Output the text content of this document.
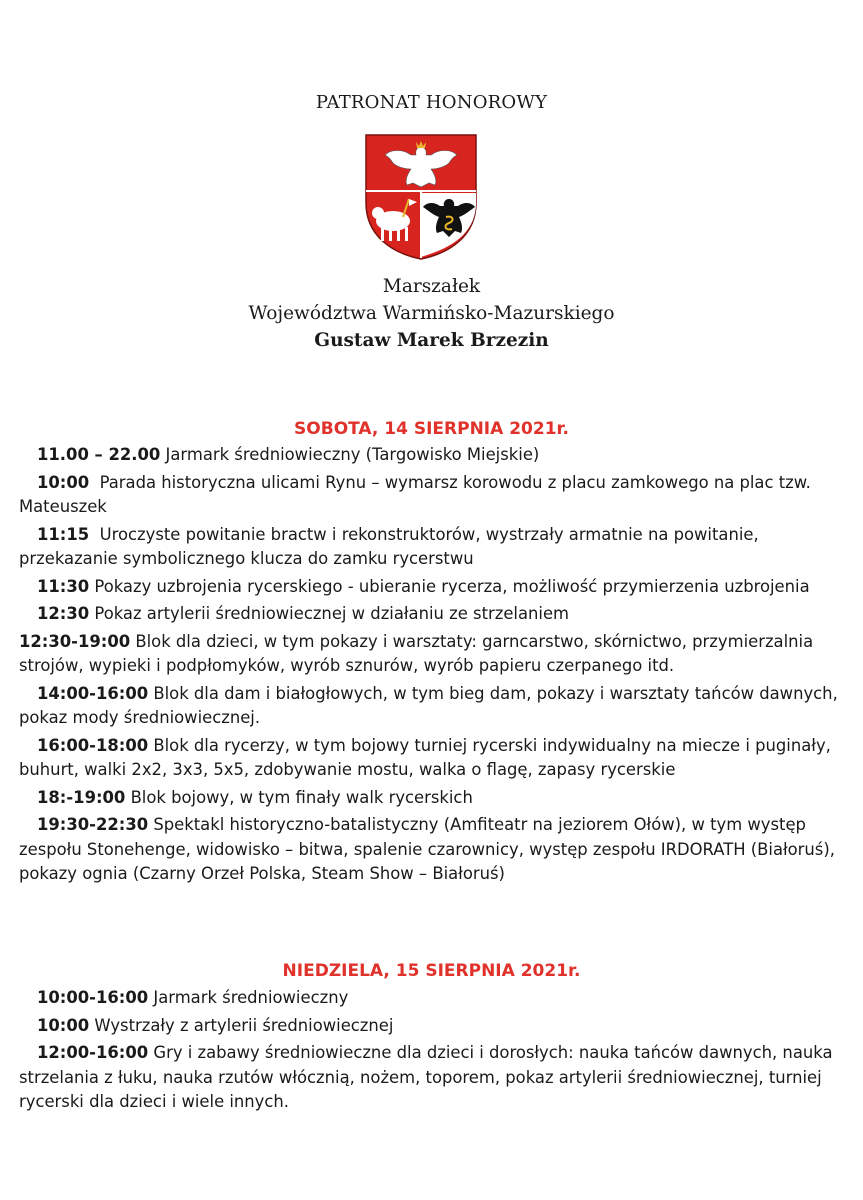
PATRONAT HONOROWY
Marszałek
Województwa Warmińsko-Mazurskiego
Gustaw Marek Brzezin
SOBOTA, 14 SIERPNIA 2021r.
11.00 – 22.00 Jarmark średniowieczny (Targowisko Miejskie)
10:00 Parada historyczna ulicami Rynu – wymarsz korowodu z placu zamkowego na plac tzw. Mateuszek
11:15 Uroczyste powitanie bractw i rekonstruktorów, wystrzały armatnie na powitanie, przekazanie symbolicznego klucza do zamku rycerstwu
11:30 Pokazy uzbrojenia rycerskiego - ubieranie rycerza, możliwość przymierzenia uzbrojenia
12:30 Pokaz artylerii średniowiecznej w działaniu ze strzelaniem
12:30-19:00 Blok dla dzieci, w tym pokazy i warsztaty: garncarstwo, skórnictwo, przymierzalnia strojów, wypieki i podpłomyków, wyrób sznurów, wyrób papieru czerpanego itd.
14:00-16:00 Blok dla dam i białogłowych, w tym bieg dam, pokazy i warsztaty tańców dawnych, pokaz mody średniowiecznej.
16:00-18:00 Blok dla rycerzy, w tym bojowy turniej rycerski indywidualny na miecze i puginały, buhurt, walki 2x2, 3x3, 5x5, zdobywanie mostu, walka o flagę, zapasy rycerskie
18:-19:00 Blok bojowy, w tym finały walk rycerskich
19:30-22:30 Spektakl historyczno-batalistyczny (Amfiteatr na jeziorem Ołów), w tym występ zespołu Stonehenge, widowisko – bitwa, spalenie czarownicy, występ zespołu IRDORATH (Białoruś), pokazy ognia (Czarny Orzeł Polska, Steam Show – Białoruś)
NIEDZIELA, 15 SIERPNIA 2021r.
10:00-16:00 Jarmark średniowieczny
10:00 Wystrzały z artylerii średniowiecznej
12:00-16:00 Gry i zabawy średniowieczne dla dzieci i dorosłych: nauka tańców dawnych, nauka strzelania z łuku, nauka rzutów włócznią, nożem, toporem, pokaz artylerii średniowiecznej, turniej rycerski dla dzieci i wiele innych.
